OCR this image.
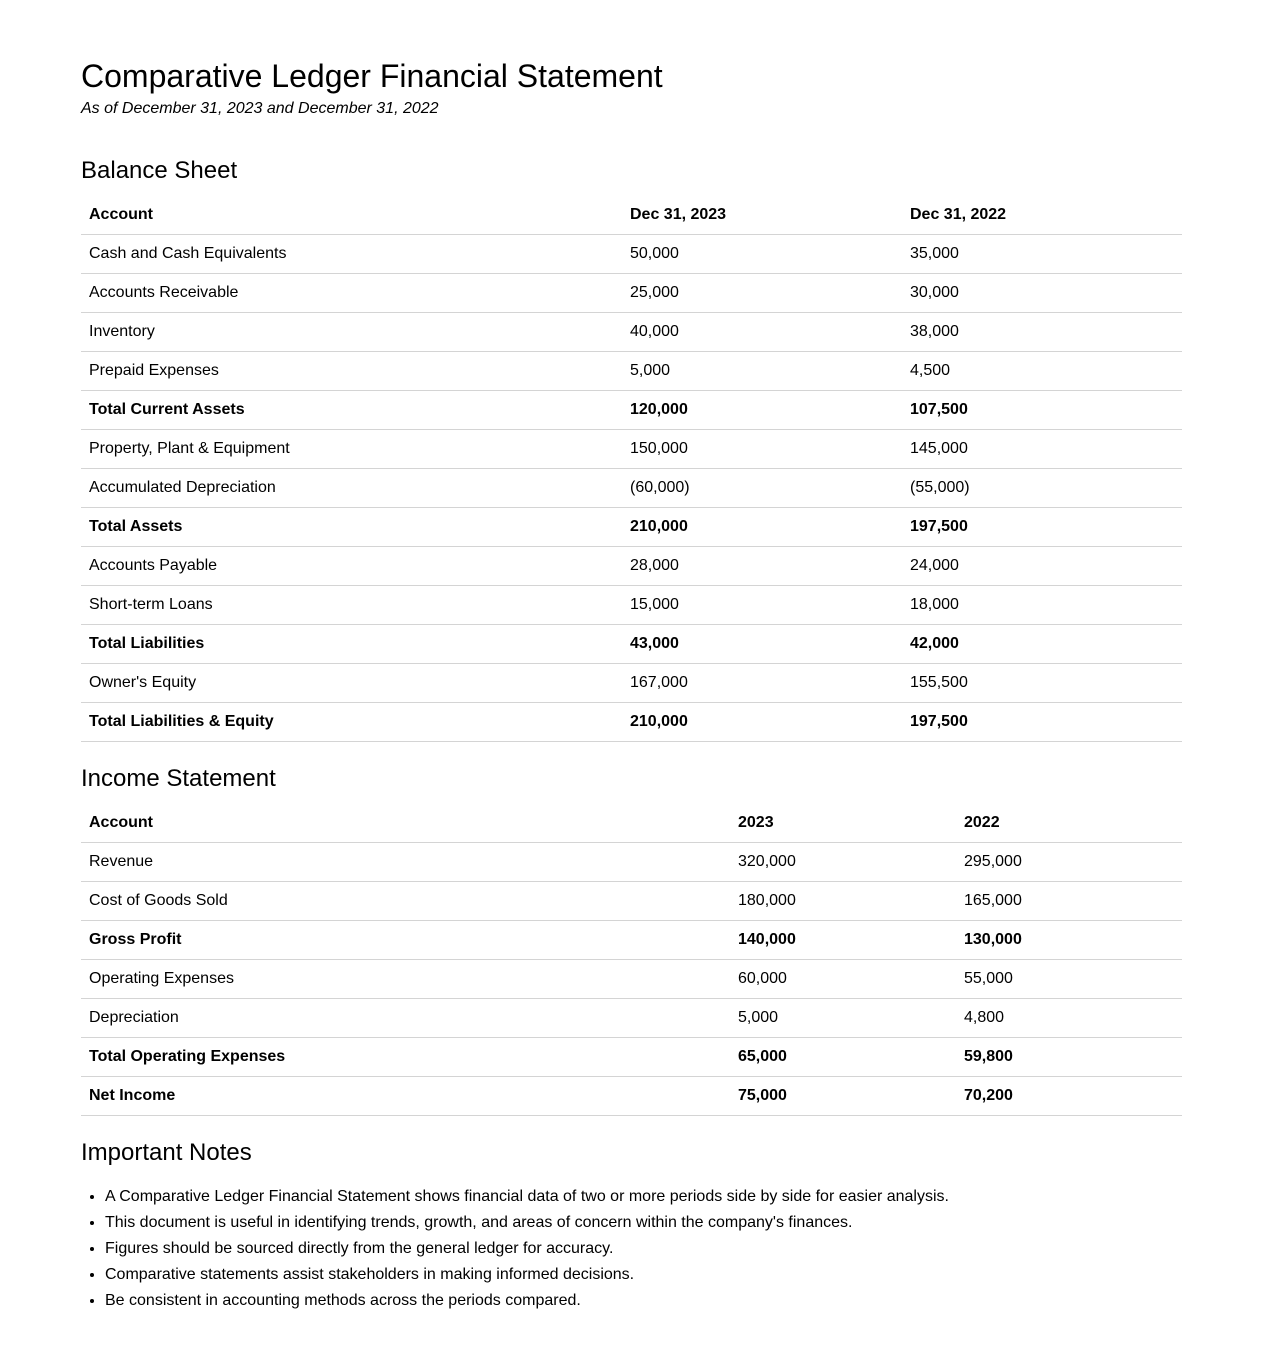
Comparative Ledger Financial Statement

As of December 31, 2023 and December 31, 2022

Balance Sheet
Account	Dec 31, 2023	Dec 31, 2022
Cash and Cash Equivalents	50,000	35,000
Accounts Receivable	25,000	30,000
Inventory	40,000	38,000
Prepaid Expenses	5,000	4,500
Total Current Assets	120,000	107,500
Property, Plant & Equipment	150,000	145,000
Accumulated Depreciation	(60,000)	(55,000)
Total Assets	210,000	197,500
Accounts Payable	28,000	24,000
Short-term Loans	15,000	18,000
Total Liabilities	43,000	42,000
Owner's Equity	167,000	155,500
Total Liabilities & Equity	210,000	197,500
Income Statement
Account	2023	2022
Revenue	320,000	295,000
Cost of Goods Sold	180,000	165,000
Gross Profit	140,000	130,000
Operating Expenses	60,000	55,000
Depreciation	5,000	4,800
Total Operating Expenses	65,000	59,800
Net Income	75,000	70,200
Important Notes
• A Comparative Ledger Financial Statement shows financial data of two or more periods side by side for easier analysis.
• This document is useful in identifying trends, growth, and areas of concern within the company's finances.
• Figures should be sourced directly from the general ledger for accuracy.
• Comparative statements assist stakeholders in making informed decisions.
• Be consistent in accounting methods across the periods compared.
